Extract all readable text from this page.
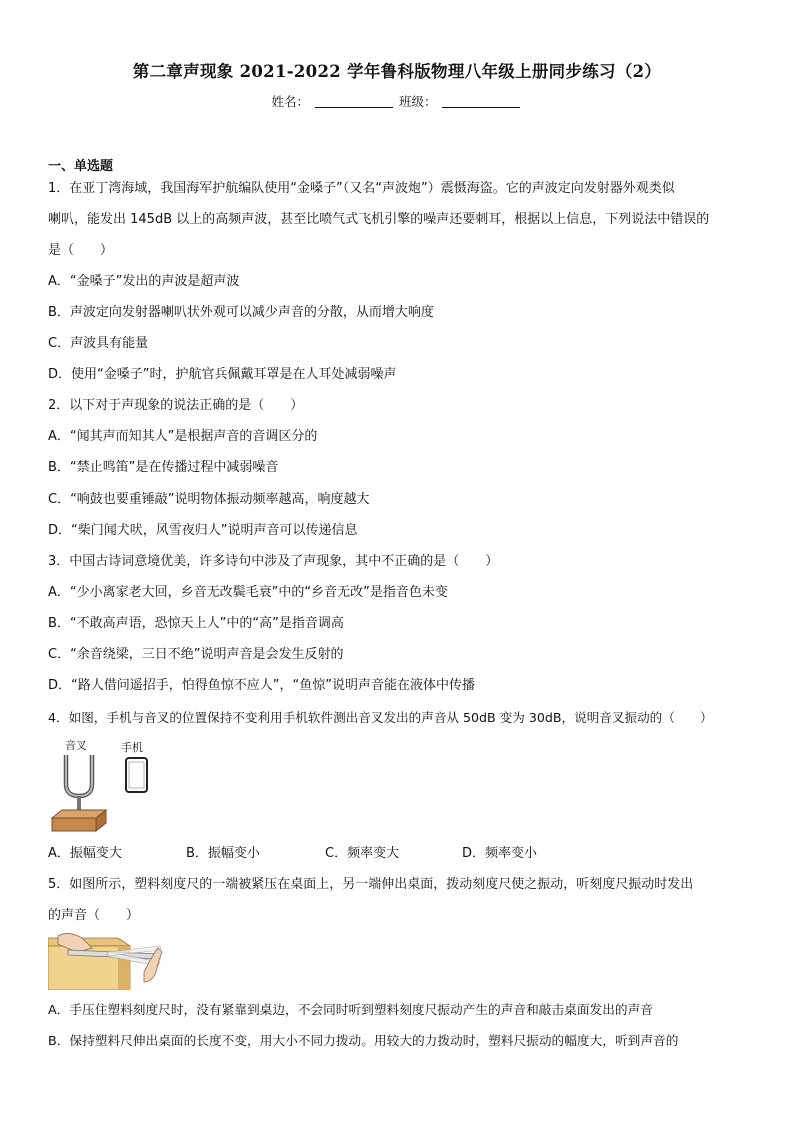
第二章声现象 2021-2022 学年鲁科版物理八年级上册同步练习（2）
姓名：	班级：
一、单选题
1．在亚丁湾海域，我国海军护航编队使用“金嗓子”（又名“声波炮”）震慑海盗。它的声波定向发射器外观类似
喇叭，能发出 145dB 以上的高频声波，甚至比喷气式飞机引擎的噪声还要刺耳，根据以上信息，下列说法中错误的
是（　　）
A．“金嗓子”发出的声波是超声波
B．声波定向发射器喇叭状外观可以减少声音的分散，从而增大响度
C．声波具有能量
D．使用“金嗓子”时，护航官兵佩戴耳罩是在人耳处减弱噪声
2．以下对于声现象的说法正确的是（　　）
A．“闻其声而知其人”是根据声音的音调区分的
B．“禁止鸣笛”是在传播过程中减弱噪音
C．“响鼓也要重锤敲”说明物体振动频率越高，响度越大
D．“柴门闻犬吠，风雪夜归人”说明声音可以传递信息
3．中国古诗词意境优美，许多诗句中涉及了声现象，其中不正确的是（　　）
A．“少小离家老大回，乡音无改鬓毛衰”中的“乡音无改”是指音色未变
B．“不敢高声语，恐惊天上人”中的“高”是指音调高
C．“余音绕梁，三日不绝”说明声音是会发生反射的
D．“路人借问遥招手，怕得鱼惊不应人”，“鱼惊”说明声音能在液体中传播
4．如图，手机与音叉的位置保持不变利用手机软件测出音叉发出的声音从 50dB 变为 30dB，说明音叉振动的（　　）
音叉	手机
A．振幅变大	B．振幅变小	C．频率变大	D．频率变小
5．如图所示，塑料刻度尺的一端被紧压在桌面上，另一端伸出桌面，拨动刻度尺使之振动，听刻度尺振动时发出
的声音（　　）
A．手压住塑料刻度尺时，没有紧靠到桌边，不会同时听到塑料刻度尺振动产生的声音和敲击桌面发出的声音
B．保持塑料尺伸出桌面的长度不变，用大小不同力拨动。用较大的力拨动时，塑料尺振动的幅度大，听到声音的
